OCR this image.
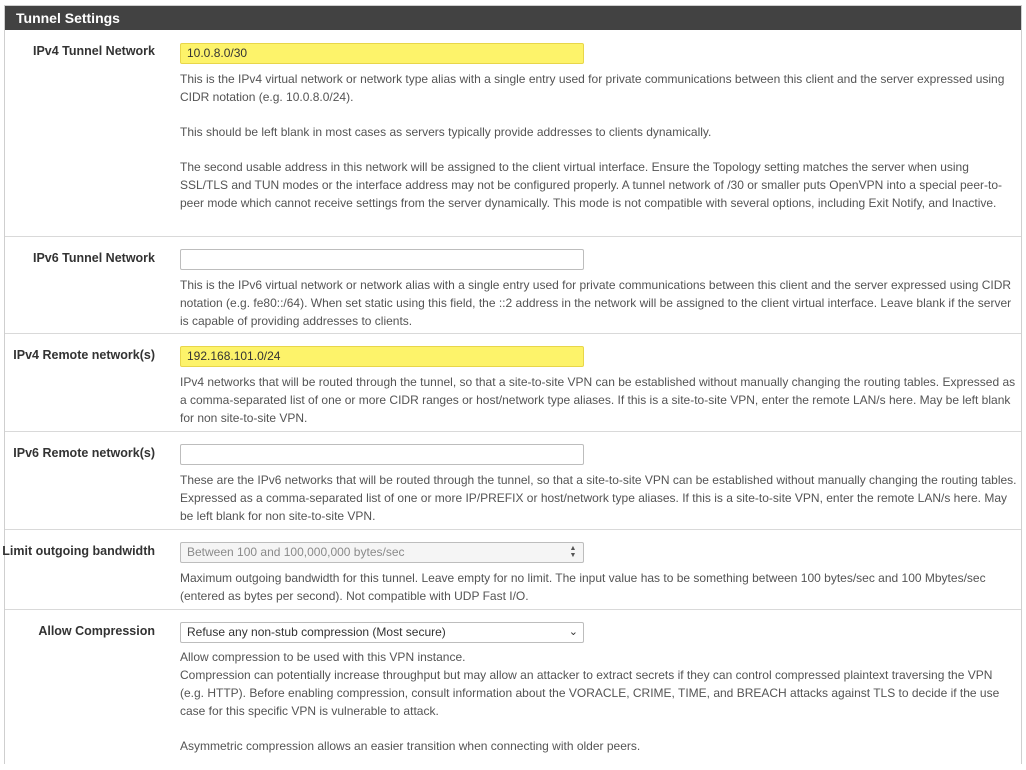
Tunnel Settings
IPv4 Tunnel Network	10.0.8.0/30

This is the IPv4 virtual network or network type alias with a single entry used for private communications between this client and the server expressed using CIDR notation (e.g. 10.0.8.0/24).

This should be left blank in most cases as servers typically provide addresses to clients dynamically.

The second usable address in this network will be assigned to the client virtual interface. Ensure the Topology setting matches the server when using SSL/TLS and TUN modes or the interface address may not be configured properly. A tunnel network of /30 or smaller puts OpenVPN into a special peer-to-peer mode which cannot receive settings from the server dynamically. This mode is not compatible with several options, including Exit Notify, and Inactive.

IPv6 Tunnel Network
This is the IPv6 virtual network or network alias with a single entry used for private communications between this client and the server expressed using CIDR notation (e.g. fe80::/64). When set static using this field, the ::2 address in the network will be assigned to the client virtual interface. Leave blank if the server is capable of providing addresses to clients.
IPv4 Remote network(s)	192.168.101.0/24
IPv4 networks that will be routed through the tunnel, so that a site-to-site VPN can be established without manually changing the routing tables. Expressed as a comma-separated list of one or more CIDR ranges or host/network type aliases. If this is a site-to-site VPN, enter the remote LAN/s here. May be left blank for non site-to-site VPN.
IPv6 Remote network(s)
These are the IPv6 networks that will be routed through the tunnel, so that a site-to-site VPN can be established without manually changing the routing tables. Expressed as a comma-separated list of one or more IP/PREFIX or host/network type aliases. If this is a site-to-site VPN, enter the remote LAN/s here. May be left blank for non site-to-site VPN.
Limit outgoing bandwidth	Between 100 and 100,000,000 bytes/sec	▲
▼
Maximum outgoing bandwidth for this tunnel. Leave empty for no limit. The input value has to be something between 100 bytes/sec and 100 Mbytes/sec (entered as bytes per second). Not compatible with UDP Fast I/O.
Allow Compression	Refuse any non-stub compression (Most secure)	⌄
Allow compression to be used with this VPN instance.
Compression can potentially increase throughput but may allow an attacker to extract secrets if they can control compressed plaintext traversing the VPN (e.g. HTTP). Before enabling compression, consult information about the VORACLE, CRIME, TIME, and BREACH attacks against TLS to decide if the use case for this specific VPN is vulnerable to attack.
Asymmetric compression allows an easier transition when connecting with older peers.
